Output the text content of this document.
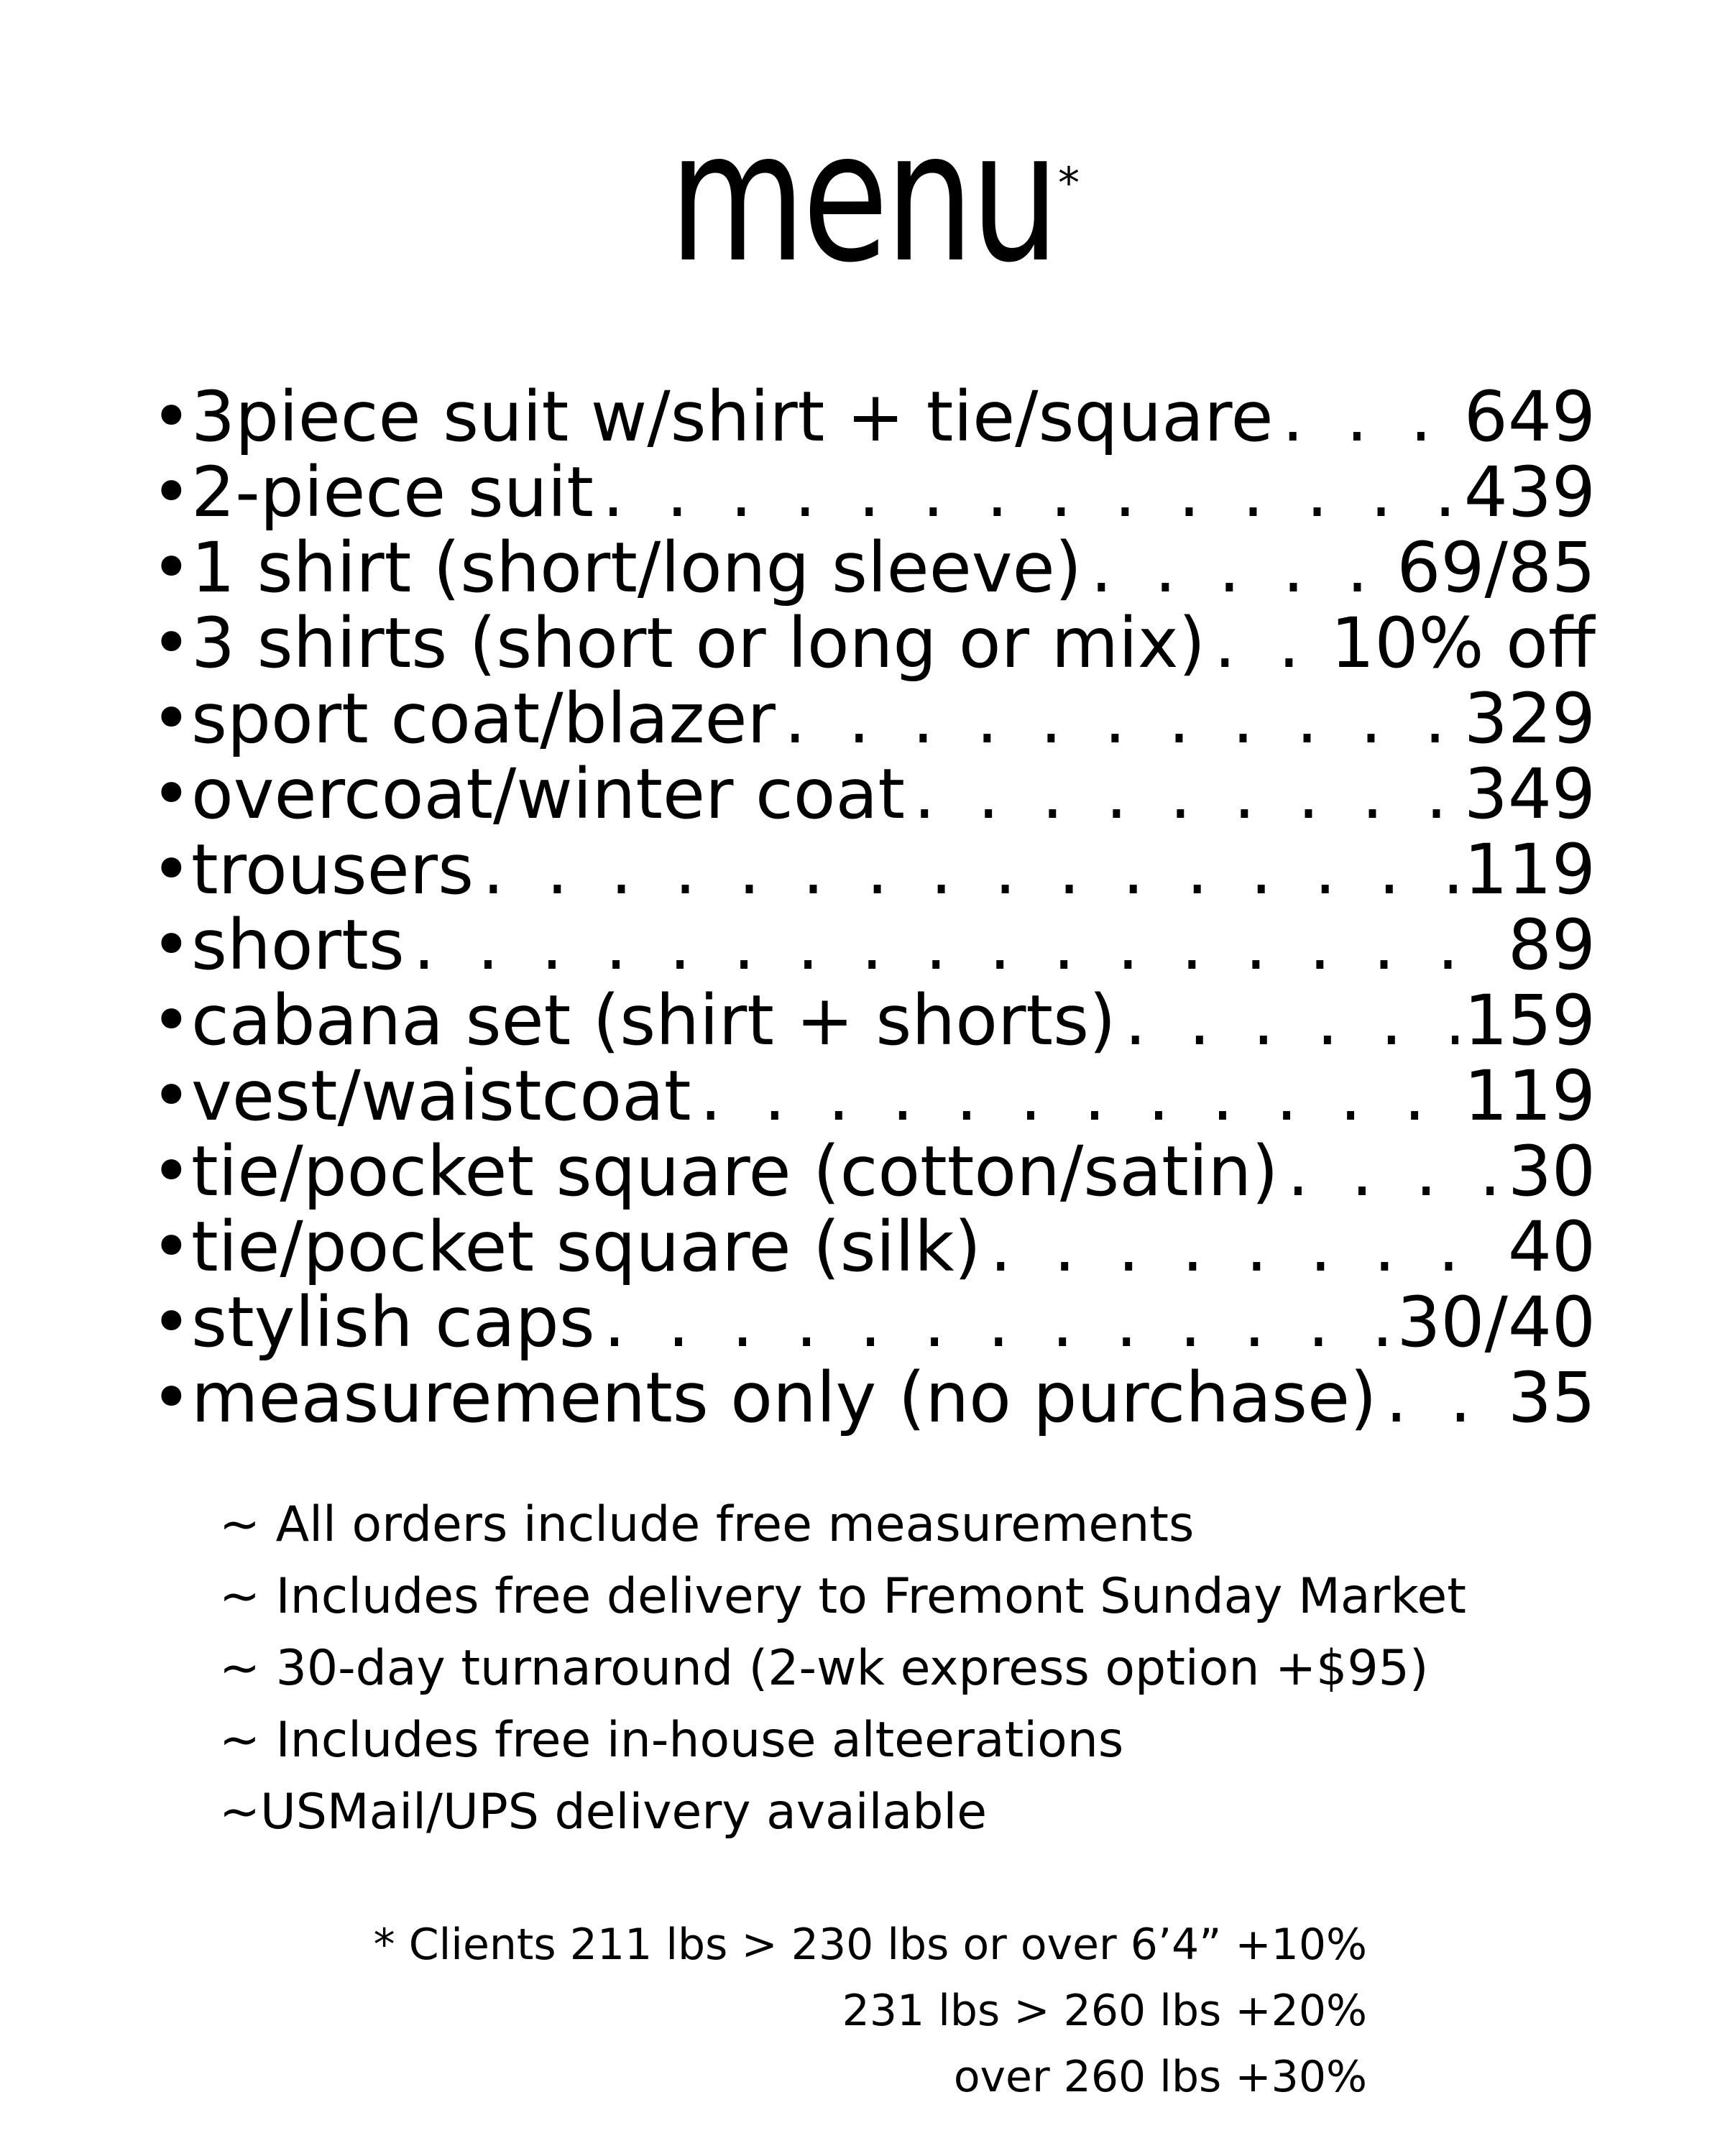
menu *
• 3piece suit w/shirt + tie/square . . .	649
• 2-piece suit . . .	439
• 1 shirt (short/long sleeve) . . .	69/85
• 3 shirts (short or long or mix) . . . 10% off
• sport coat/blazer . . .	329
• overcoat/winter coat . . .	349
• trousers . . .	119
• shorts . . .	89
• cabana set (shirt + shorts) . . .	159
• vest/waistcoat . . .	119
• tie/pocket square (cotton/satin) . . .	30
• tie/pocket square (silk) . . .	40
• stylish caps . . .	30/40
• measurements only (no purchase) . . . 35
~ All orders include free measurements
~ Includes free delivery to Fremont Sunday Market
~ 30-day turnaround (2-wk express option +$95)
~ Includes free in-house alteerations
~USMail/UPS delivery available
* Clients 211 lbs > 230 lbs or over 6’4” +10%
231 lbs > 260 lbs +20%
over 260 lbs +30%
